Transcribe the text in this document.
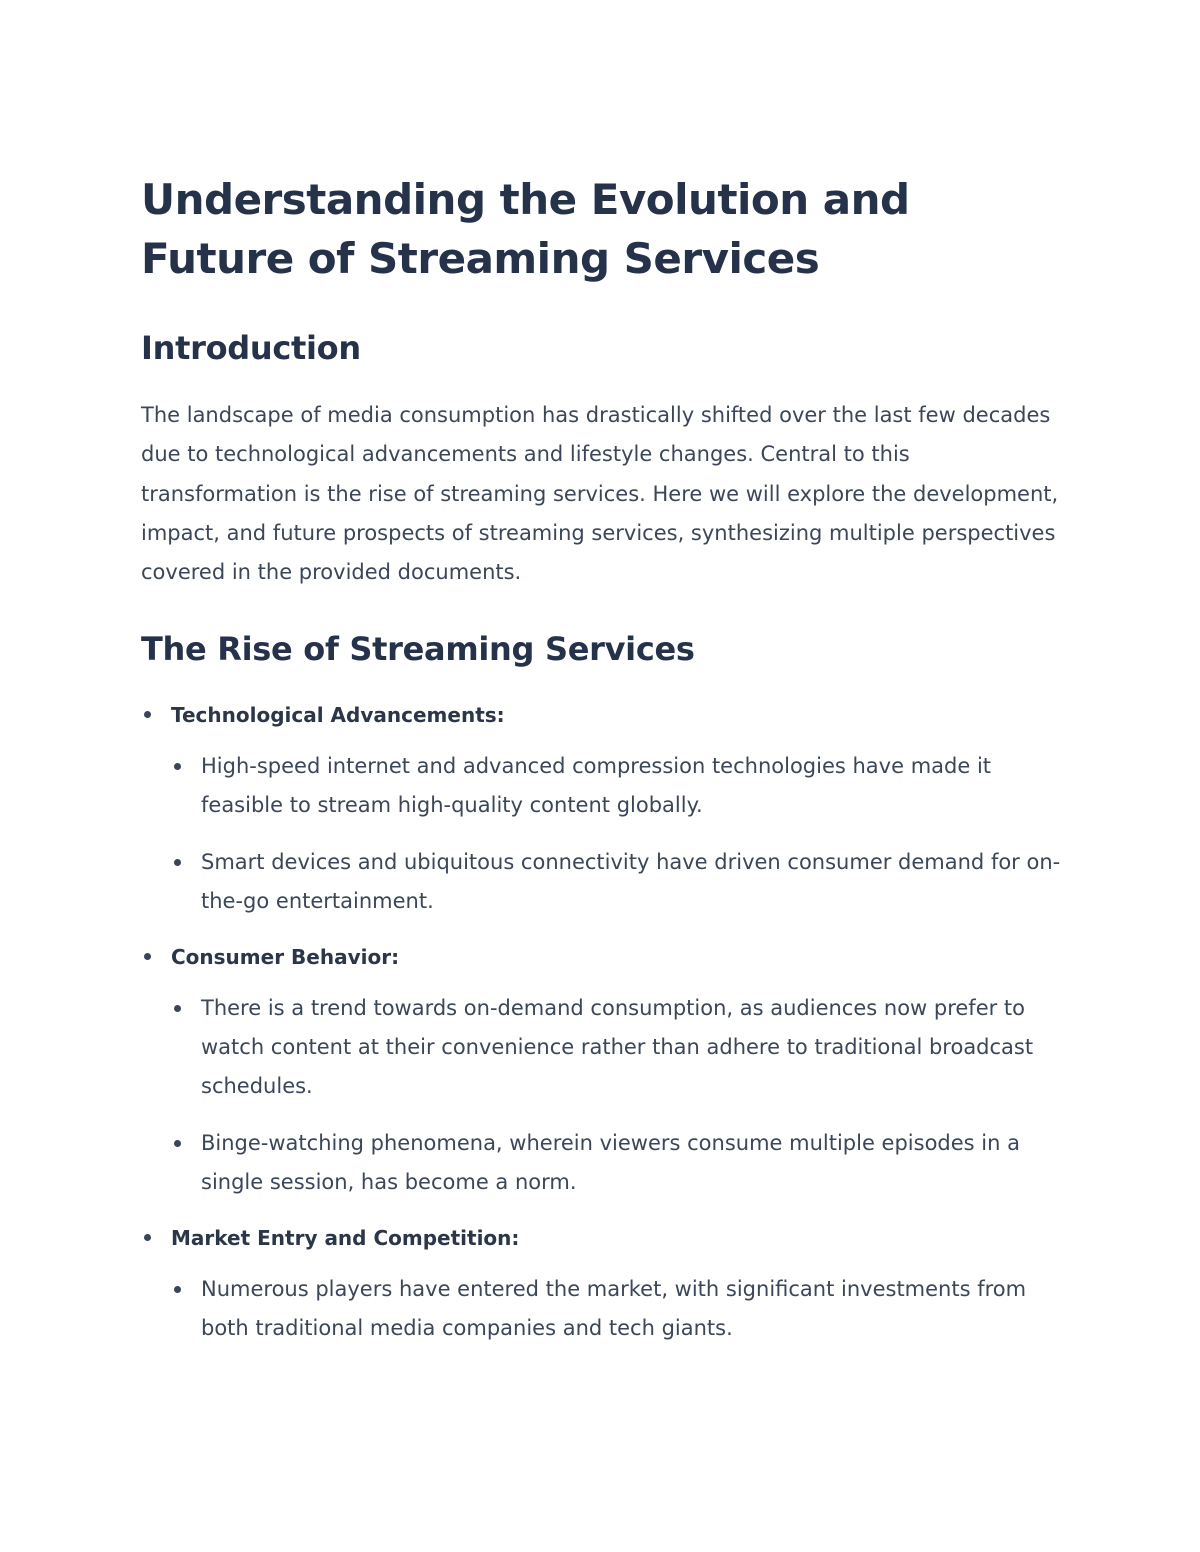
Understanding the Evolution and Future of Streaming Services
Introduction

The landscape of media consumption has drastically shifted over the last few decades due to technological advancements and lifestyle changes. Central to this transformation is the rise of streaming services. Here we will explore the development, impact, and future prospects of streaming services, synthesizing multiple perspectives covered in the provided documents.

The Rise of Streaming Services
Technological Advancements:
High-speed internet and advanced compression technologies have made it feasible to stream high-quality content globally.
Smart devices and ubiquitous connectivity have driven consumer demand for on-the-go entertainment.
Consumer Behavior:
There is a trend towards on-demand consumption, as audiences now prefer to watch content at their convenience rather than adhere to traditional broadcast schedules.
Binge-watching phenomena, wherein viewers consume multiple episodes in a single session, has become a norm.
Market Entry and Competition:
Numerous players have entered the market, with significant investments from both traditional media companies and tech giants.
